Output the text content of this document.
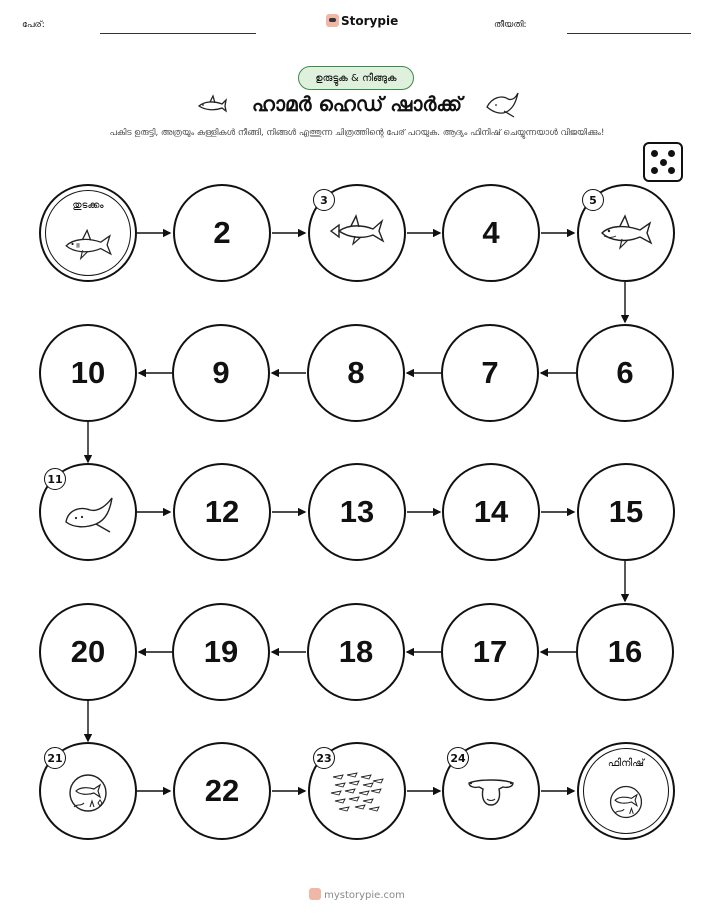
പേര്:	Storypie	തീയതി:
ഉരുട്ടുക & നീങ്ങുക
ഹാമർ ഹെഡ് ഷാർക്ക്
പകിട ഉരുട്ടി, അത്രയും കള്ളികൾ നീങ്ങി, നിങ്ങൾ എത്തുന്ന ചിത്രത്തിന്റെ പേര് പറയുക. ആദ്യം ഫിനിഷ് ചെയ്യുന്നയാൾ വിജയിക്കും!
തുടക്കം
2
3
4
5
6
7
8
9
10
11
12	13	14	15
16
17
18
19
20
21
22
23	24	ഫിനിഷ്
mystorypie.com
